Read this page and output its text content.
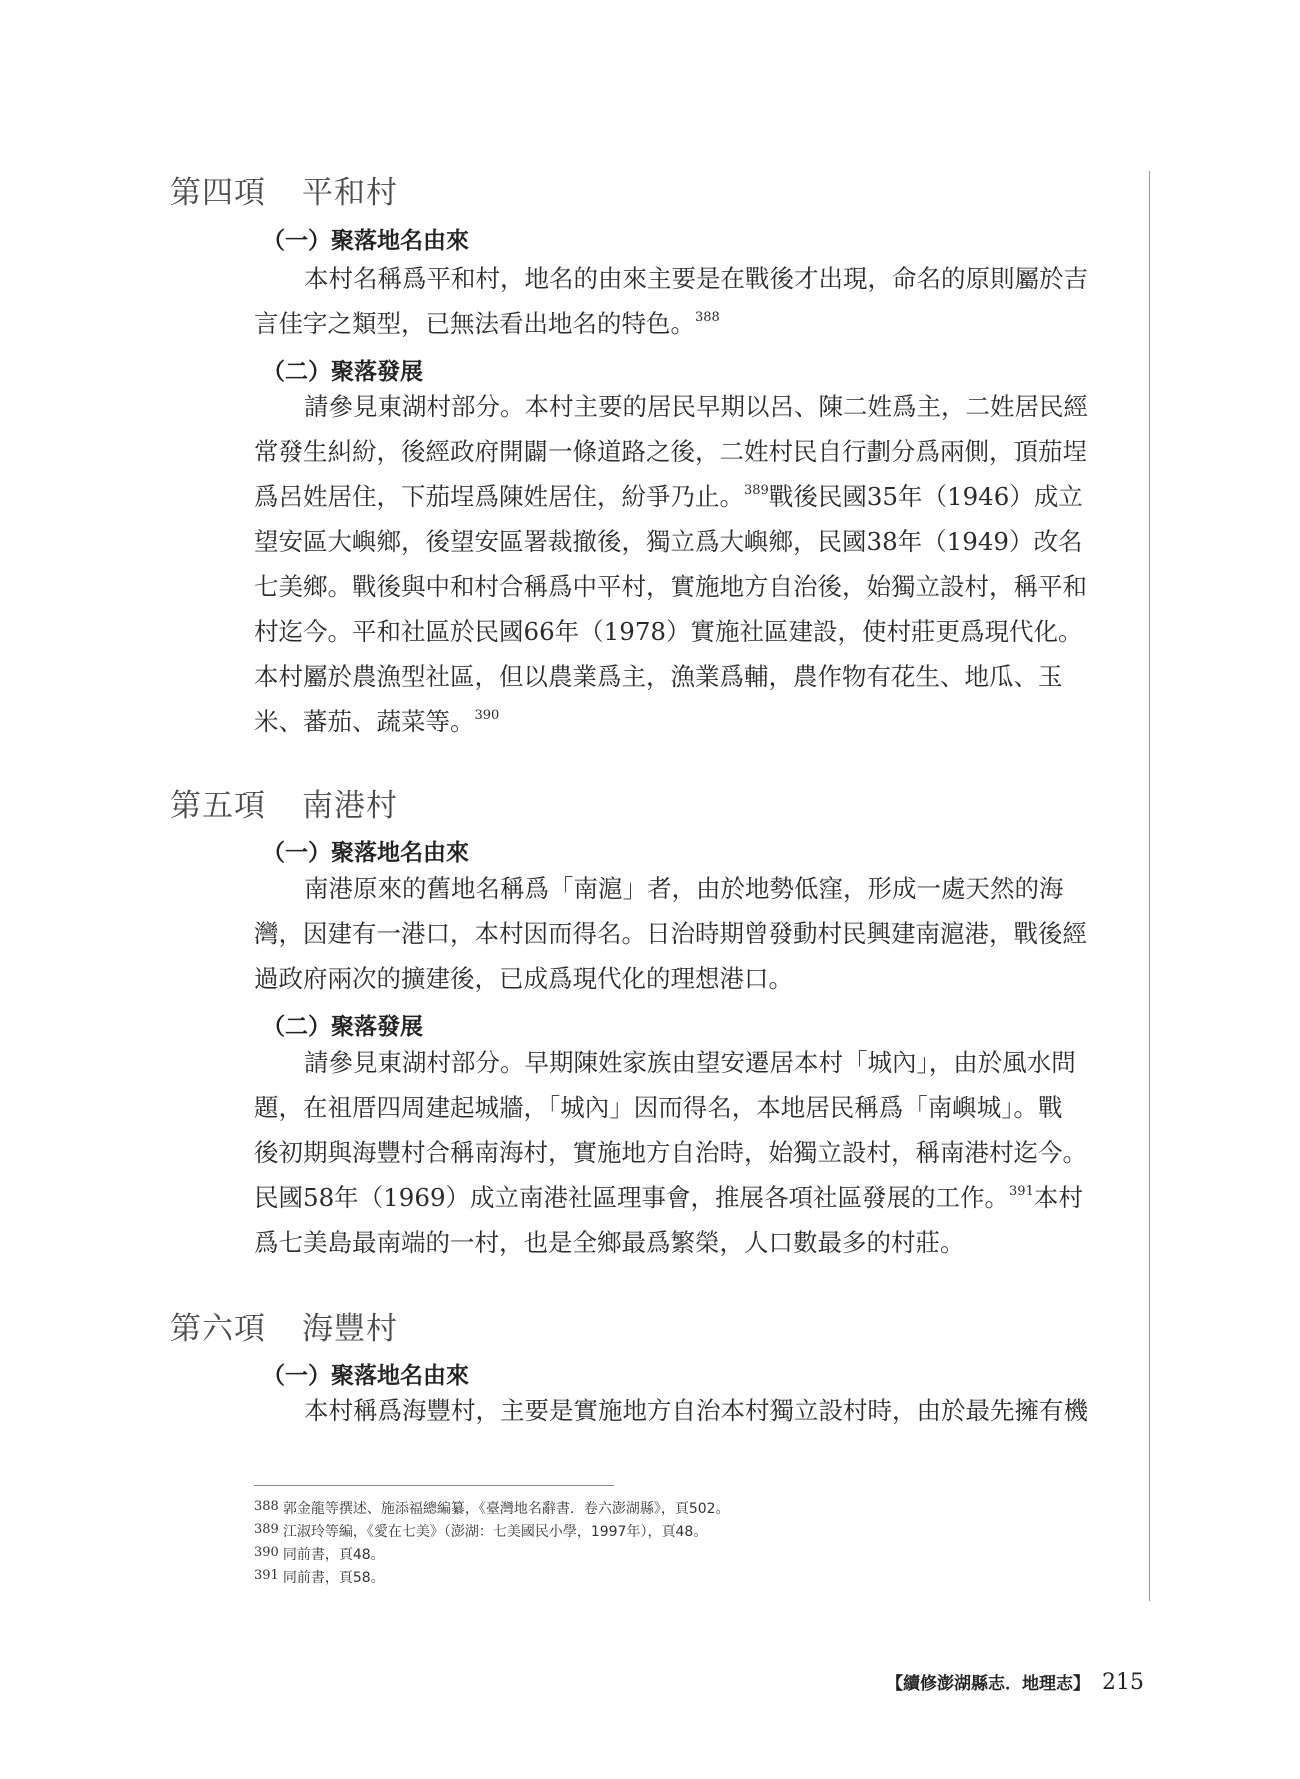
第四項 平和村
（一）聚落地名由來
本村名稱爲平和村，地名的由來主要是在戰後才出現，命名的原則屬於吉
言佳字之類型，已無法看出地名的特色。$^{388}$
（二）聚落發展
請參見東湖村部分。本村主要的居民早期以呂、陳二姓爲主，二姓居民經
常發生糾紛，後經政府開闢一條道路之後，二姓村民自行劃分爲兩側，頂茄埕
爲呂姓居住，下茄埕爲陳姓居住，紛爭乃止。$^{389}$戰後民國35年（1946）成立
望安區大嶼鄉，後望安區署裁撤後，獨立爲大嶼鄉，民國38年（1949）改名
七美鄉。戰後與中和村合稱爲中平村，實施地方自治後，始獨立設村，稱平和
村迄今。平和社區於民國66年（1978）實施社區建設，使村莊更爲現代化。
本村屬於農漁型社區，但以農業爲主，漁業爲輔，農作物有花生、地瓜、玉
米、蕃茄、蔬菜等。$^{390}$
第五項 南港村
（一）聚落地名由來
南港原來的舊地名稱爲「南滬」者，由於地勢低窪，形成一處天然的海
灣，因建有一港口，本村因而得名。日治時期曾發動村民興建南滬港，戰後經
過政府兩次的擴建後，已成爲現代化的理想港口。
（二）聚落發展
請參見東湖村部分。早期陳姓家族由望安遷居本村「城內」，由於風水問
題，在祖厝四周建起城牆，「城內」因而得名，本地居民稱爲「南嶼城」。戰
後初期與海豐村合稱南海村，實施地方自治時，始獨立設村，稱南港村迄今。
民國58年（1969）成立南港社區理事會，推展各項社區發展的工作。$^{391}$本村
爲七美島最南端的一村，也是全鄉最爲繁榮，人口數最多的村莊。
第六項 海豐村
（一）聚落地名由來
本村稱爲海豐村，主要是實施地方自治本村獨立設村時，由於最先擁有機
388 郭金龍等撰述、施添福總編纂，《臺灣地名辭書．卷六澎湖縣》，頁502。
389 江淑玲等編，《愛在七美》（澎湖：七美國民小學，1997年），頁48。
390 同前書，頁48。
391 同前書，頁58。
【續修澎湖縣志．地理志】 215
